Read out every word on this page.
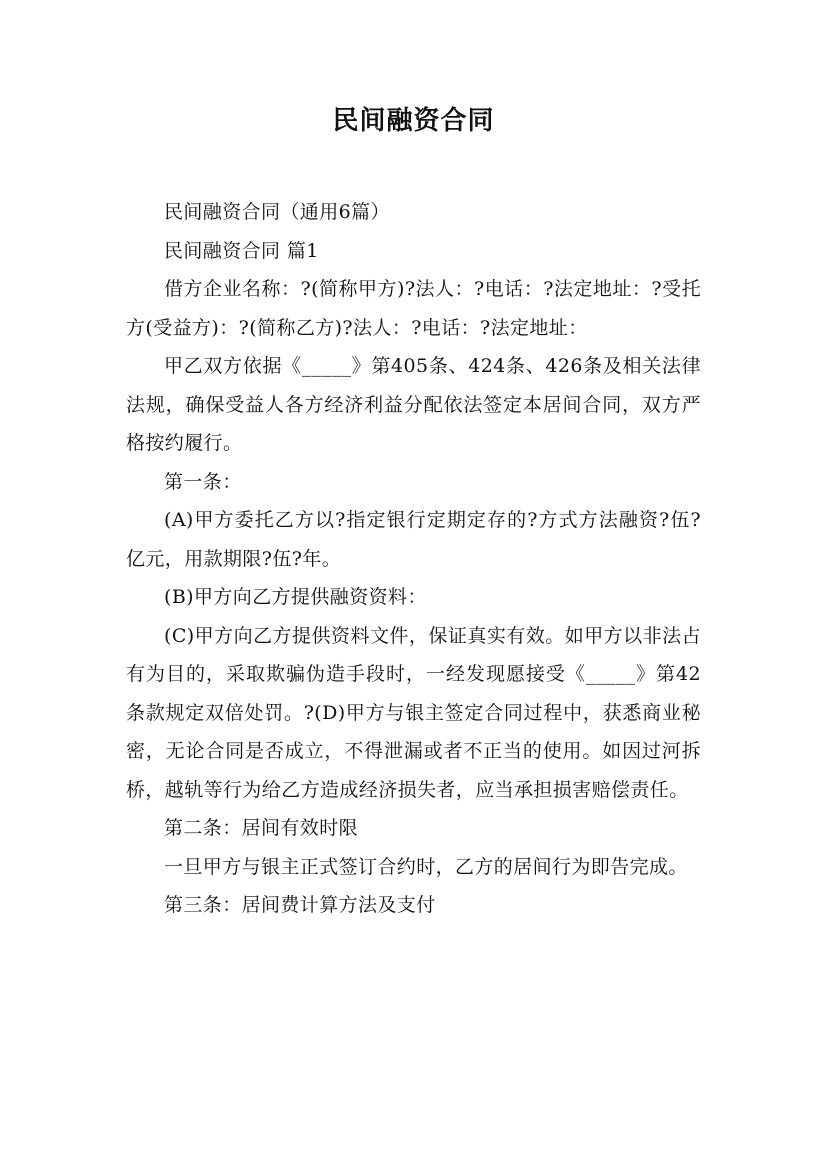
民间融资合同

民间融资合同（通用6篇）

民间融资合同 篇1

借方企业名称：?(简称甲方)?法人：?电话：?法定地址：?受托方(受益方)：?(简称乙方)?法人：?电话：?法定地址：

甲乙双方依据《_____》第405条、424条、426条及相关法律法规，确保受益人各方经济利益分配依法签定本居间合同，双方严格按约履行。

第一条：

(A)甲方委托乙方以?指定银行定期定存的?方式方法融资?伍?亿元，用款期限?伍?年。

(B)甲方向乙方提供融资资料：

(C)甲方向乙方提供资料文件，保证真实有效。如甲方以非法占有为目的，采取欺骗伪造手段时，一经发现愿接受《_____》第42条款规定双倍处罚。?(D)甲方与银主签定合同过程中，获悉商业秘密，无论合同是否成立，不得泄漏或者不正当的使用。如因过河拆桥，越轨等行为给乙方造成经济损失者，应当承担损害赔偿责任。

第二条：居间有效时限

一旦甲方与银主正式签订合约时，乙方的居间行为即告完成。

第三条：居间费计算方法及支付
